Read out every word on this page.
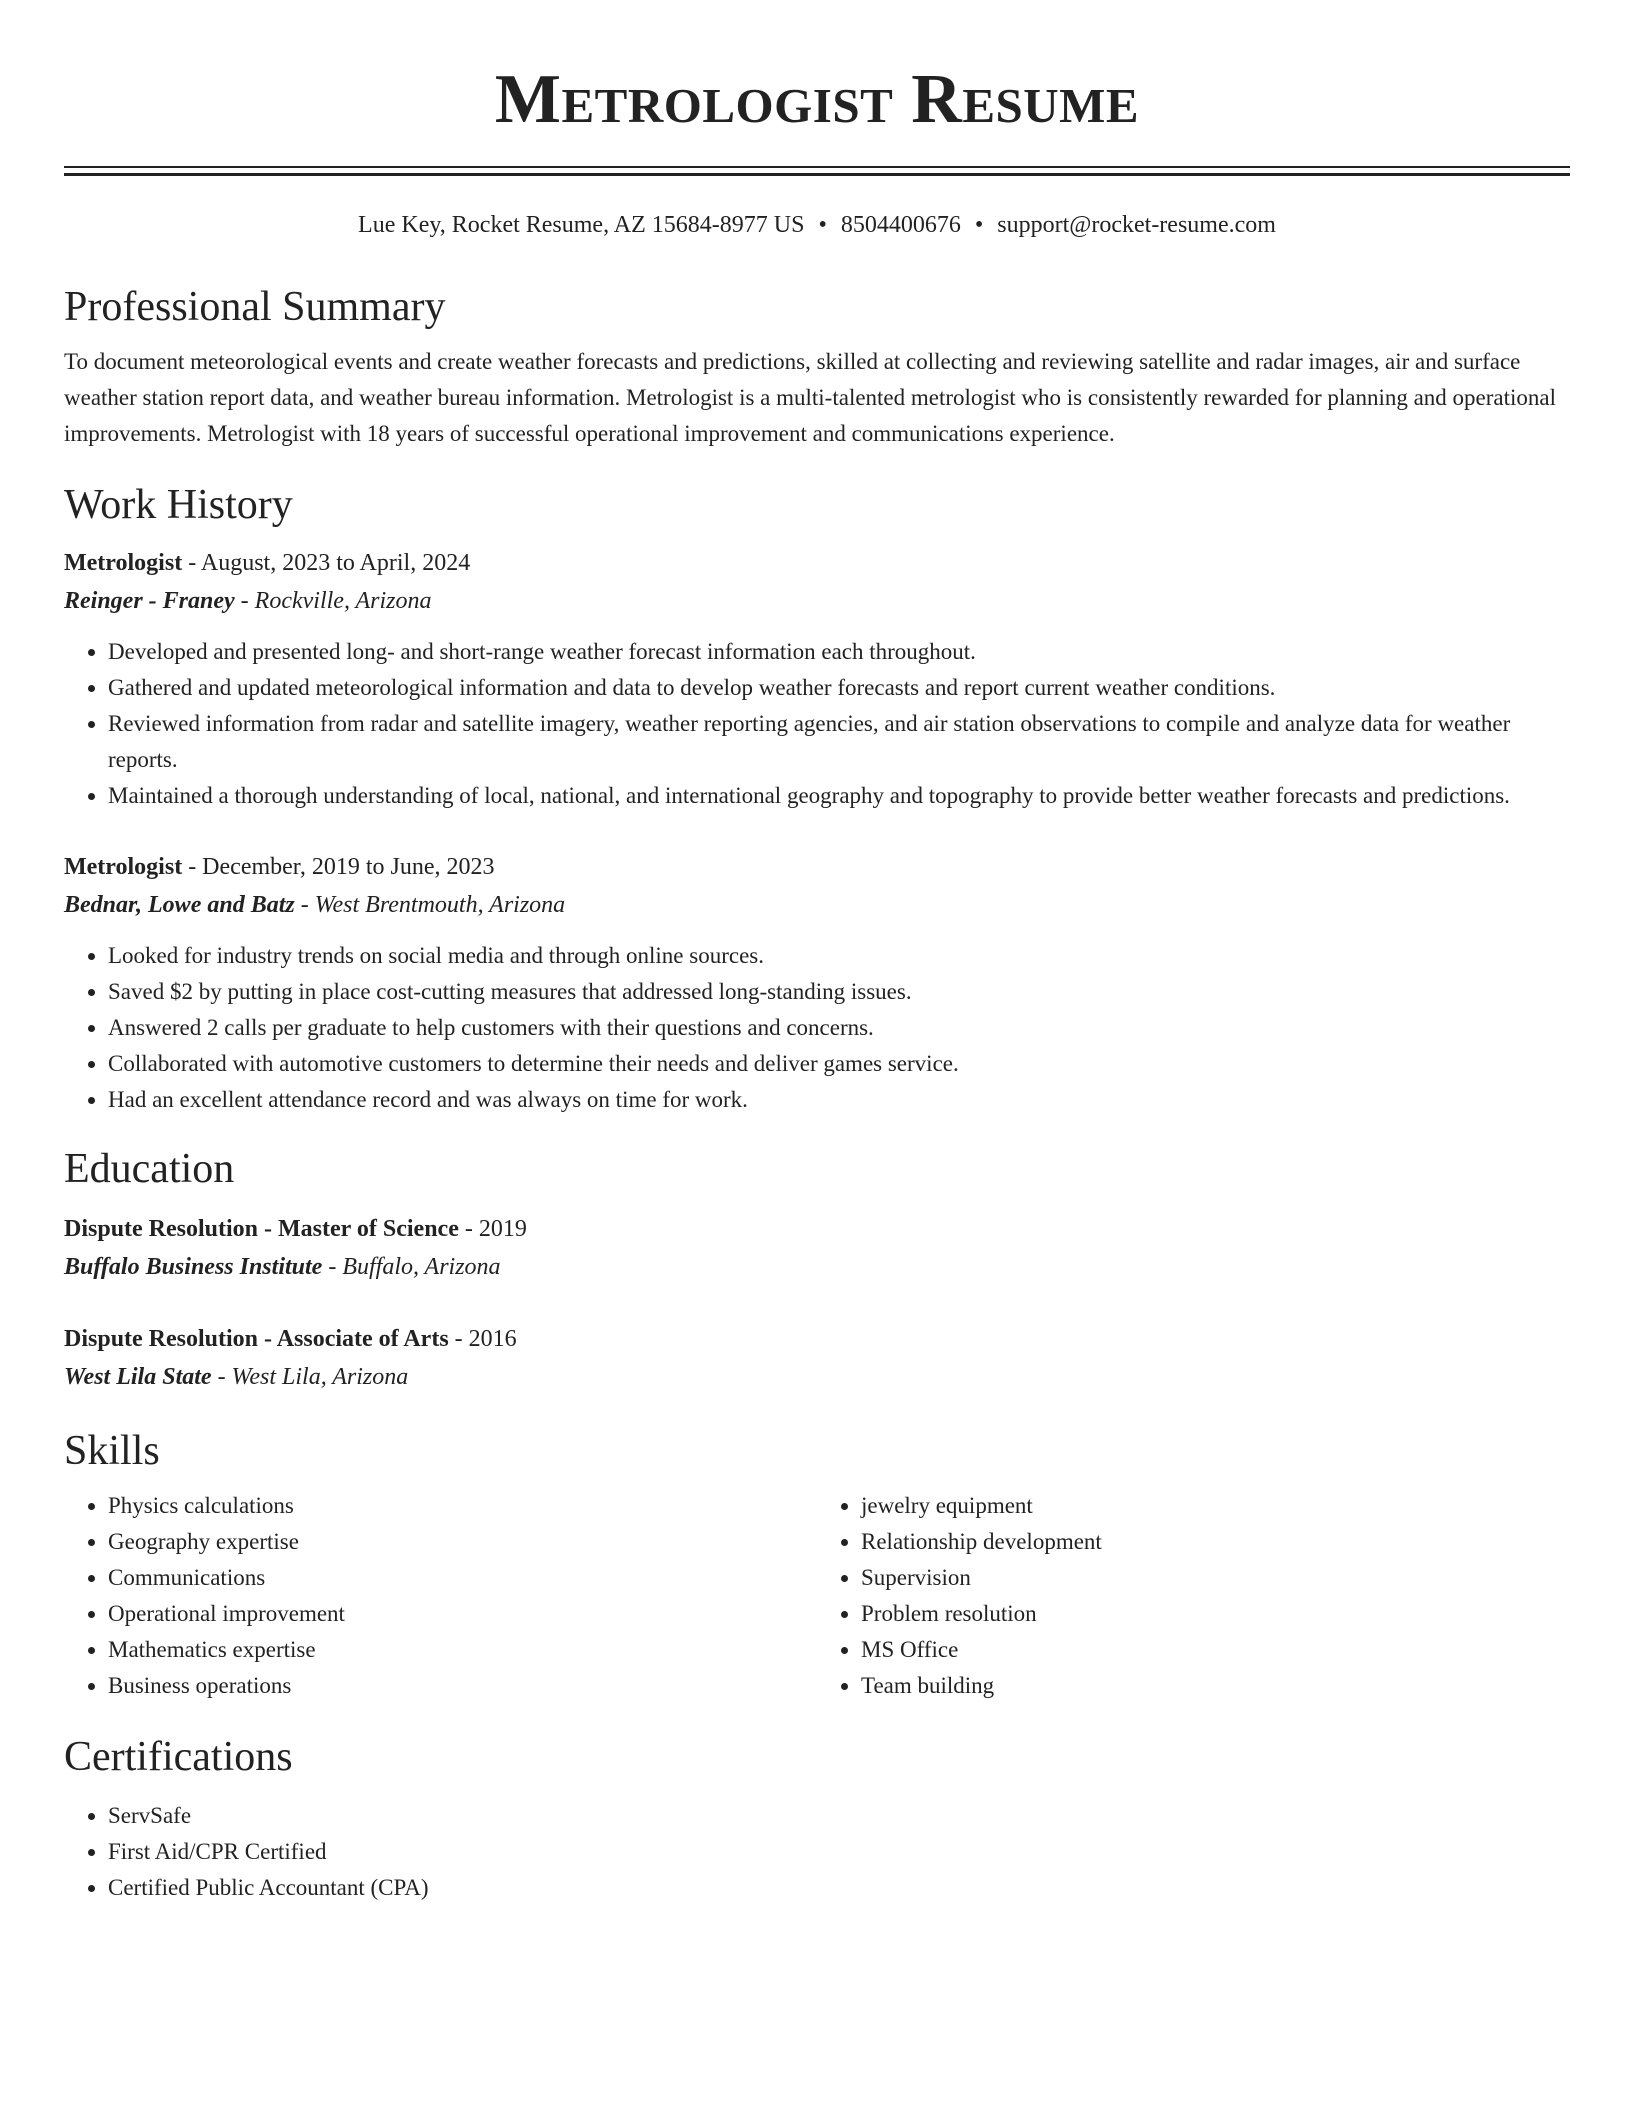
Metrologist Resume
Lue Key, Rocket Resume, AZ 15684-8977 US • 8504400676 • support@rocket-resume.com
Professional Summary

To document meteorological events and create weather forecasts and predictions, skilled at collecting and reviewing satellite and radar images, air and surface weather station report data, and weather bureau information. Metrologist is a multi-talented metrologist who is consistently rewarded for planning and operational improvements. Metrologist with 18 years of successful operational improvement and communications experience.

Work History
Metrologist - August, 2023 to April, 2024
Reinger - Franey - Rockville, Arizona
• Developed and presented long- and short-range weather forecast information each throughout.
• Gathered and updated meteorological information and data to develop weather forecasts and report current weather conditions.
• Reviewed information from radar and satellite imagery, weather reporting agencies, and air station observations to compile and analyze data for weather reports.
• Maintained a thorough understanding of local, national, and international geography and topography to provide better weather forecasts and predictions.
Metrologist - December, 2019 to June, 2023
Bednar, Lowe and Batz - West Brentmouth, Arizona
• Looked for industry trends on social media and through online sources.
• Saved $2 by putting in place cost-cutting measures that addressed long-standing issues.
• Answered 2 calls per graduate to help customers with their questions and concerns.
• Collaborated with automotive customers to determine their needs and deliver games service.
• Had an excellent attendance record and was always on time for work.
Education
Dispute Resolution - Master of Science - 2019
Buffalo Business Institute - Buffalo, Arizona
Dispute Resolution - Associate of Arts - 2016
West Lila State - West Lila, Arizona
Skills
• Physics calculations
• Geography expertise
• Communications
• Operational improvement
• Mathematics expertise
• Business operations
• jewelry equipment
• Relationship development
• Supervision
• Problem resolution
• MS Office
• Team building
Certifications
• ServSafe
• First Aid/CPR Certified
• Certified Public Accountant (CPA)
